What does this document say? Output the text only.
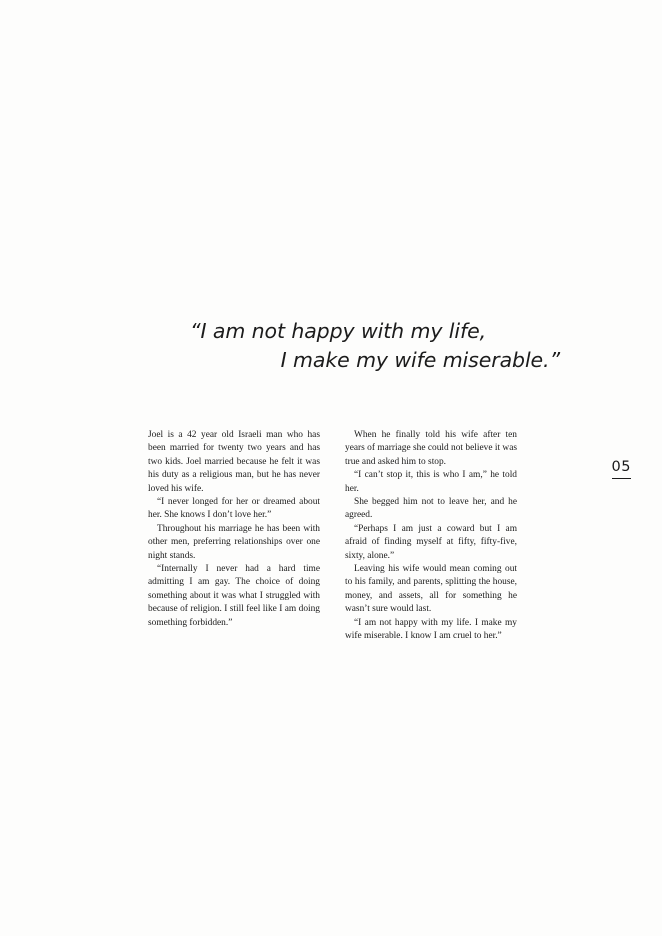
“I am not happy with my life,
I make my wife miserable.”

Joel is a 42 year old Israeli man who has been married for twenty two years and has two kids. Joel married because he felt it was his duty as a religious man, but he has never loved his wife.

“I never longed for her or dreamed about her. She knows I don’t love her.”

Throughout his marriage he has been with other men, preferring relationships over one night stands.

“Internally I never had a hard time admitting I am gay. The choice of doing something about it was what I struggled with because of religion. I still feel like I am doing something forbidden.”

When he finally told his wife after ten years of marriage she could not believe it was true and asked him to stop.

“I can’t stop it, this is who I am,” he told her.

She begged him not to leave her, and he agreed.

“Perhaps I am just a coward but I am afraid of finding myself at fifty, fifty-five, sixty, alone.”

Leaving his wife would mean coming out to his family, and parents, splitting the house, money, and assets, all for something he wasn’t sure would last.

“I am not happy with my life. I make my wife miserable. I know I am cruel to her.”

05
